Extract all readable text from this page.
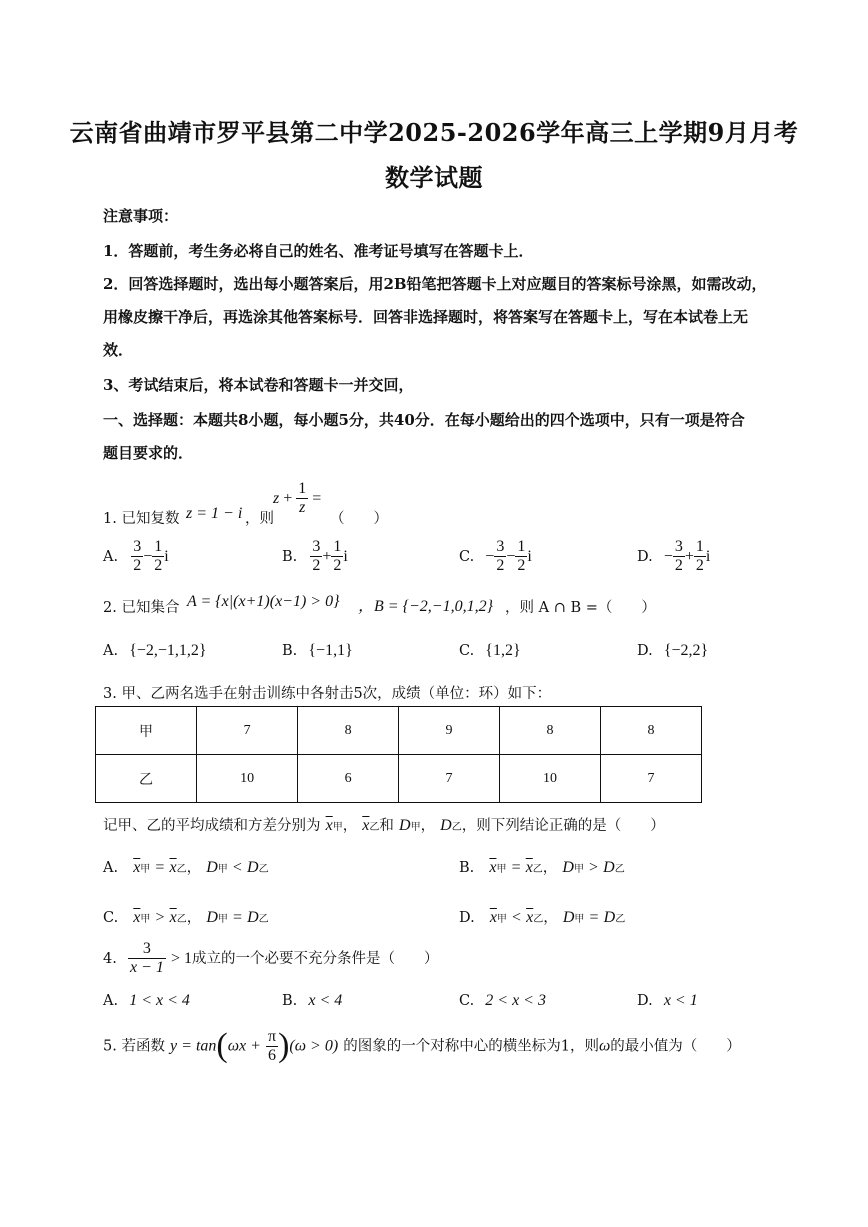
云南省曲靖市罗平县第二中学2025-2026学年高三上学期9月月考
数学试题
注意事项：
1．答题前，考生务必将自己的姓名、准考证号填写在答题卡上．
2．回答选择题时，选出每小题答案后，用2B铅笔把答题卡上对应题目的答案标号涂黑，如需改动，
用橡皮擦干净后，再选涂其他答案标号．回答非选择题时，将答案写在答题卡上，写在本试卷上无
效．
3、考试结束后，将本试卷和答题卡一并交回，
一、选择题：本题共8小题，每小题5分，共40分．在每小题给出的四个选项中，只有一项是符合
题目要求的．
1. 已知复数 z = 1 − i ，则
$z + \frac{1}{z}$ =
（　　）
A. $\frac{3}{2} - \frac{1}{2}$ i	B. $\frac{3}{2} + \frac{1}{2}$ i	C. − $\frac{3}{2} - \frac{1}{2}$ i	D. − $\frac{3}{2} + \frac{1}{2}$ i
2. 已知集合 A = {x|(x+1)(x−1) > 0} ，B = {−2,−1,0,1,2} ，则 A ∩ B =（　　）
A. {−2,−1,1,2}	B. {−1,1}	C. {1,2}	D. {−2,2}
3. 甲、乙两名选手在射击训练中各射击5次，成绩（单位：环）如下：
甲	7	8	9	8	8
乙	10	6	7	10	7
记甲、乙的平均成绩和方差分别为 $\overline{x}$甲， $\overline{x}$乙和 D甲， D乙，则下列结论正确的是（　　）
A. $\overline{x}$甲 = $\overline{x}$乙， D甲 < D乙	B. $\overline{x}$甲 = $\overline{x}$乙， D甲 > D乙
C. $\overline{x}$甲 > $\overline{x}$乙， D甲 = D乙	D. $\overline{x}$甲 < $\overline{x}$乙， D甲 = D乙
4. $\frac{3}{x - 1} > 1$成立的一个必要不充分条件是（　　）
A. 1 < x < 4	B. x < 4	C. 2 < x < 3	D. x < 1
5. 若函数 $y = \tan(\omega x + \frac{\pi}{6} )(\omega > 0)$ 的图象的一个对称中心的横坐标为1，则ω的最小值为（　　）
